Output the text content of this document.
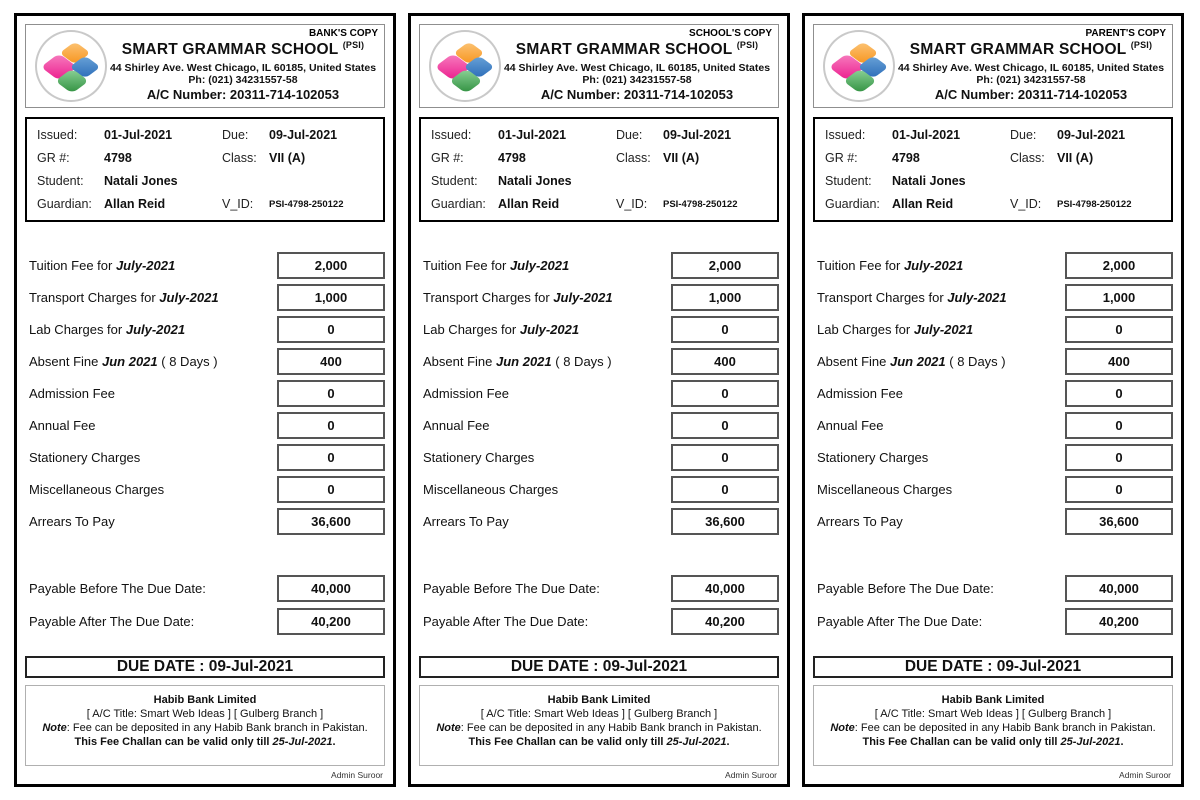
BANK'S COPY
SMART GRAMMAR SCHOOL $^{(PSI)}$
44 Shirley Ave. West Chicago, IL 60185, United States
Ph: (021) 34231557-58
A/C Number: 20311-714-102053
Issued:	01-Jul-2021	Due:	09-Jul-2021
GR #:	4798	Class: VII (A)
Student:	Natali Jones
Guardian: Allan Reid	V_ID:	PSI-4798-250122
Tuition Fee for July-2021	2,000
Transport Charges for July-2021	1,000
Lab Charges for July-2021	0
Absent Fine Jun 2021 ( 8 Days )	400
Admission Fee	0
Annual Fee	0
Stationery Charges	0
Miscellaneous Charges	0
Arrears To Pay	36,600
Payable Before The Due Date:	40,000
Payable After The Due Date:	40,200
DUE DATE : 09-Jul-2021
Habib Bank Limited
[ A/C Title: Smart Web Ideas ] [ Gulberg Branch ]
Note: Fee can be deposited in any Habib Bank branch in Pakistan.
This Fee Challan can be valid only till 25-Jul-2021.
Admin Suroor
SCHOOL'S COPY
SMART GRAMMAR SCHOOL $^{(PSI)}$
44 Shirley Ave. West Chicago, IL 60185, United States
Ph: (021) 34231557-58
A/C Number: 20311-714-102053
Issued:	01-Jul-2021	Due:	09-Jul-2021
GR #:	4798	Class: VII (A)
Student:	Natali Jones
Guardian: Allan Reid	V_ID:	PSI-4798-250122
Tuition Fee for July-2021	2,000
Transport Charges for July-2021	1,000
Lab Charges for July-2021	0
Absent Fine Jun 2021 ( 8 Days )	400
Admission Fee	0
Annual Fee	0
Stationery Charges	0
Miscellaneous Charges	0
Arrears To Pay	36,600
Payable Before The Due Date:	40,000
Payable After The Due Date:	40,200
DUE DATE : 09-Jul-2021
Habib Bank Limited
[ A/C Title: Smart Web Ideas ] [ Gulberg Branch ]
Note: Fee can be deposited in any Habib Bank branch in Pakistan.
This Fee Challan can be valid only till 25-Jul-2021.
Admin Suroor
PARENT'S COPY
SMART GRAMMAR SCHOOL $^{(PSI)}$
44 Shirley Ave. West Chicago, IL 60185, United States
Ph: (021) 34231557-58
A/C Number: 20311-714-102053
Issued:	01-Jul-2021	Due:	09-Jul-2021
GR #:	4798	Class: VII (A)
Student:	Natali Jones
Guardian: Allan Reid	V_ID:	PSI-4798-250122
Tuition Fee for July-2021	2,000
Transport Charges for July-2021	1,000
Lab Charges for July-2021	0
Absent Fine Jun 2021 ( 8 Days )	400
Admission Fee	0
Annual Fee	0
Stationery Charges	0
Miscellaneous Charges	0
Arrears To Pay	36,600
Payable Before The Due Date:	40,000
Payable After The Due Date:	40,200
DUE DATE : 09-Jul-2021
Habib Bank Limited
[ A/C Title: Smart Web Ideas ] [ Gulberg Branch ]
Note: Fee can be deposited in any Habib Bank branch in Pakistan.
This Fee Challan can be valid only till 25-Jul-2021.
Admin Suroor
